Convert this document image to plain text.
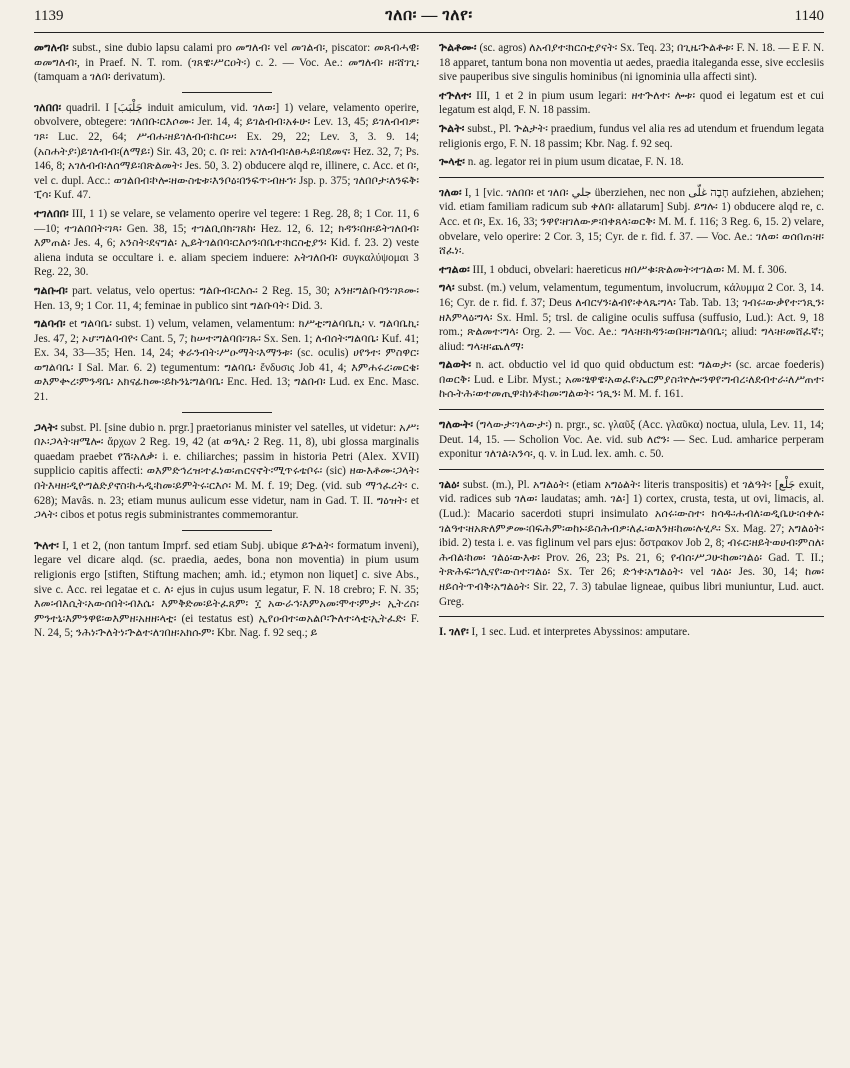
1139	ገለበ፡ — ገለየ፡	1140

መግለብ፡ subst., sine dubio lapsu calami pro መግለብ፡ vel መገልብ፡, piscator: መጸብሓዊ፡ወመግለብ፡, in Praef. N. T. rom. (ገጸዌ፡ሥርዐት፡) c. 2. — Voc. Ae.: መግለብ፡ ዘ፡ሸገጊ፡ (tamquam a ገለበ፡ derivatum).

ገለበበ፡ quadril. I [جَلْبَبَ induit amiculum, vid. ገለወ፡] 1) velare, velamento operire, obvolvere, obtegere: ገለበቡ፡ርእሶሙ፡ Jer. 14, 4; ይገልብብ፡አፉሁ፡ Lev. 13, 45; ይገለብብዎ፡ገጾ፡ Luc. 22, 64; ሥብሐ፡ዘይገለብብ፡ከርሠ፡ Ex. 29, 22; Lev. 3, 3. 9. 14; (አስሐትያ፡)ይገለብብ፡(ለማይ፡) Sir. 43, 20; c. በ፡ rei: አገለብብ፡ለፀሓይ፡በደመና፡ Hez. 32, 7; Ps. 146, 8; አገለብብ፡ለሰማይ፡በጽልመት፡ Jes. 50, 3. 2) obducere alqd re, illinere, c. Acc. et በ፡, vel c. dupl. Acc.: ወገልበብ፡ኮሎ፡ዘውስቴቱ፡እንቦዕ፡በንፍጥ፡ብዙኀ፡ Jsp. p. 375; ገለበቦታ፡ለንፍቅ፡ፒሳ፡ Kuf. 47.

ተገለበበ፡ III, 1 1) se velare, se velamento operire vel tegere: 1 Reg. 28, 8; 1 Cor. 11, 6—10; ተገልበበት፡ገጻ፡ Gen. 38, 15; ተገልቢበክ፡ገጸከ፡ Hez. 12, 6. 12; ክዳን፡በዘ፡ይትገለበብ፡እምጠል፡ Jes. 4, 6; አንስት፡ደናግል፡ ኢይትገልበባ፡ርእሶን፡በቤተ፡ክርስቲያን፡ Kid. f. 23. 2) veste aliena induta se occultare i. e. aliam speciem induere: አትገለበብ፡ συγκαλύψομαι 3 Reg. 22, 30.

ግልቡብ፡ part. velatus, velo opertus: ግልቡብ፡ርእሱ፡ 2 Reg. 15, 30; አንዘ፡ግልቡባን፡ገጾሙ፡ Hen. 13, 9; 1 Cor. 11, 4; feminae in publico sint ግልቡባት፡ Did. 3.

ግልባብ፡ et ግልባቤ፡ subst. 1) velum, velamen, velamentum: ክሥቲ፡ግልባቤኪ፡ v. ግልባቤኪ፡ Jes. 47, 2; ኦሆ፡ግልባብዮ፡ Cant. 5, 7; ከሠተ፡ግልባበ፡ገጹ፡ Sx. Sen. 1; ለብሰት፡ግልባቤ፡ Kuf. 41; Ex. 34, 33—35; Hen. 14, 24; ቀራንብት፡ሥዑማት፡እማንቱ፡ (sc. oculis) ሀየንተ፡ ምስዋር፡ወግልባቤ፡ I Sal. Mar. 6. 2) tegumentum: ግልባቤ፡ ἔνδυσις Job 41, 4; እምሐሩረ፡መርቄ፡ወእምቍረ፡ምንዳቤ፡ አክናፊክሙ፡ይኩንኒ፡ግልባቤ፡ Enc. Hed. 13; ግልበብ፡ Lud. ex Enc. Masc. 21.

ጋላት፡ subst. Pl. [sine dubio n. prgr.] praetorianus minister vel satelles, ut videtur: አሥ፡በኦ፡ጋላት፡ዘሜሎ፡ ἄρχων 2 Reg. 19, 42 (at ወዓሊ፡ 2 Reg. 11, 8), ubi glossa marginalis quaedam praebet የሽ፡አለቃ፡ i. e. chiliarches; passim in historia Petri (Alex. XVII) supplicio capitis affecti: ወእምድኅረዝ፡ተፈነወ፡ጠርናኖት፡ሚጥሩቴቦሩ፡ (sic) ዘውእቶሙ፡ጋላት፡በትእዛዘ፡ዲዮግልድያኖስ፡ከሓዲ፡ከመ፡ይምትሩ፡ርእሶ፡ M. M. f. 19; Deg. (vid. sub ማኅፈረት፡ c. 628); Mavâs. n. 23; etiam munus aulicum esse videtur, nam in Gad. T. II. ግዕዝት፡ et ጋላት፡ cibos et potus regis subministrantes commemorantur.

ጕለተ፡ I, 1 et 2, (non tantum Imprf. sed etiam Subj. ubique ይጕልት፡ formatum inveni), legare vel dicare alqd. (sc. praedia, aedes, bona non moventia) in pium usum religionis ergo [stiften, Stiftung machen; amh. id.; etymon non liquet] c. sive Abs., sive c. Acc. rei legatae et c. ለ፡ ejus in cujus usum legatur, F. N. 18 crebro; F. N. 35; እመ፡ብእሲት፡አውሰበት፡ብእሴ፡ እምቅድመ፡ይትፈጸም፡ ፲ አውራኅ፡እምአመ፡ሞተ፡ምታ፡ ኢትረስ፡ምንተኒ፡እምንዋዩ፡ወእምዘ፡አዘዘ፡ላቲ፡ (ei testatus est) ኢየዐብተ፡ወአልቦ፡ጕለተ፡ላቲ፡ኢትፈድ፡ F. N. 24, 5; ንሕነ፡ጕለትነ፡ጕልተ፡ለገበዘ፡አክሱም፡ Kbr. Nag. f. 92 seq.; ይ

ጕልቶሙ፡ (sc. agros) ለአብያተ፡ክርስቲያናት፡ Sx. Teq. 23; በጊዜ፡ጕልቶቱ፡ F. N. 18. — E F. N. 18 apparet, tantum bona non moventia ut aedes, praedia italeganda esse, sive ecclesiis sive pauperibus sive singulis hominibus (ni ignominia ulla affecti sint).

ተጕለተ፡ III, 1 et 2 in pium usum legari: ዘተጕለተ፡ ሎቱ፡ quod ei legatum est et cui legatum est alqd, F. N. 18 passim.

ጕልት፡ subst., Pl. ጕልታት፡ praedium, fundus vel alia res ad utendum et fruendum legata religionis ergo, F. N. 18 passim; Kbr. Nag. f. 92 seq.

ጐላቲ፡ n. ag. legator rei in pium usum dicatae, F. N. 18.

ገለወ፡ I, 1 [vic. ገለበበ፡ et ገለበ፡ جلي überziehen, nec non חָבָה غلّى aufziehen, abziehen; vid. etiam familiam radicum sub ቀለበ፡ allatarum] Subj. ይግሉ፡ 1) obducere alqd re, c. Acc. et በ፡, Ex. 16, 33; ንዋየ፡ዘገለውዎ፡በቀጸላ፡ወርቅ፡ M. M. f. 116; 3 Reg. 6, 15. 2) velare, obvelare, velo operire: 2 Cor. 3, 15; Cyr. de r. fid. f. 37. — Voc. Ae.: ገለወ፡ ወሰበጠ፡ዘ፡ሸፈነ፡.

ተገልወ፡ III, 1 obduci, obvelari: haereticus ዘበሥቁ፡ጽልመት፡ተገልወ፡ M. M. f. 306.

ግላ፡ subst. (m.) velum, velamentum, tegumentum, involucrum, κάλυμμα 2 Cor. 3, 14. 16; Cyr. de r. fid. f. 37; Deus ለብርሃን፡ልብየ፡ቀላጼ፡ግላ፡ Tab. Tab. 13; ገብሩ፡ውቃየተ፡ኀጺን፡ዘእምላዕ፡ግላ፡ Sx. Hml. 5; trsl. de caligine oculis suffusa (suffusio, Lud.): Act. 9, 18 rom.; ጽልመተ፡ግላ፡ Org. 2. — Voc. Ae.: ግላ፡ዘ፡ክዳን፡ወበ፡ዘ፡ግልባቤ፡; aliud: ግላ፡ዘ፡መሸፈኛ፡; aliud: ግላ፡ዘ፡ጨለማ፡

ግልወት፡ n. act. obductio vel id quo quid obductum est: ግልወታ፡ (sc. arcae foederis) በወርቅ፡ Lud. e Libr. Myst.; አመ፡ፄዋዌ፡አወፈየ፡ኤርምያስ፡ኵሎ፡ንዋየ፡ግብረ፡ለደብተራ፡ለሥጠተ፡ኩሱትሕ፡ወተመጢዋ፡ከነቶ፡ከመ፡ግልወት፡ ኀጺን፡ M. M. f. 161.

ግለውት፡ (ግላውታ፡ገላውታ፡) n. prgr., sc. γλαῦξ (Acc. γλαῦκα) noctua, ulula, Lev. 11, 14; Deut. 14, 15. — Scholion Voc. Ae. vid. sub ለሮን፡ — Sec. Lud. amharice perperam exponitur ገለገል፡አንሳ፡, q. v. in Lud. lex. amh. c. 50.

ገልዕ፡ subst. (m.), Pl. አግልዕት፡ (etiam አግዕልት፡ literis transpositis) et ገልዓት፡ [جَلْع exuit, vid. radices sub ገለወ፡ laudatas; amh. ገል፡] 1) cortex, crusta, testa, ut ovi, limacis, al. (Lud.): Macario sacerdoti stupri insimulato አሰሩ፡ውስተ፡ ክሳዱ፡ሐብለ፡ወዲቤሁ፡ሰቀሉ፡ገልዓተ፡ዘአጽለምዎሙ፡በፍሕም፡ወከኑ፡ይስሕብዎ፡ለፈ፡ወእንዘ፡ከመ፡ሉሂዶ፡ Sx. Mag. 27; አግልዕት፡ ibid. 2) testa i. e. vas figlinum vel pars ejus: ὄστρακον Job 2, 8; ብሩር፡ዘይትወሀብ፡ምስለ፡ሕብል፡ከመ፡ ገልዕ፡ውእቱ፡ Prov. 26, 23; Ps. 21, 6; የብሰ፡ሥጋሁ፡ከመ፡ገልዕ፡ Gad. T. II.; ትጽሕፍ፡ኀሊናየ፡ውስተ፡ገልዕ፡ Sx. Ter 26; ድኅቀ፡አግልዕት፡ vel ገልዕ፡ Jes. 30, 14; ከመ፡ዘይሰትጥብቅ፡አግልዕት፡ Sir. 22, 7. 3) tabulae ligneae, quibus libri muniuntur, Lud. auct. Greg.

I. ገለየ፡ I, 1 sec. Lud. et interpretes Abyssinos: amputare.
